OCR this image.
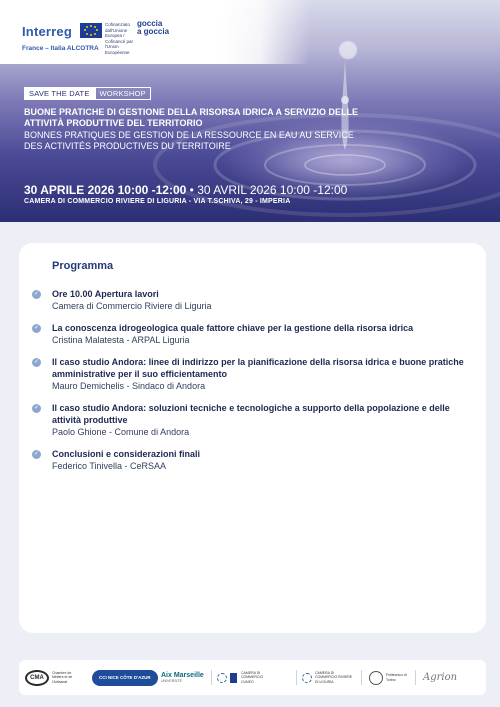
Interreg	Cofinanziato dall'Unione Europea / Cofinancé par l'Union Européenne
goccia
a goccia
France – Italia ALCOTRA
SAVE THE DATE	WORKSHOP
BUONE PRATICHE DI GESTIONE DELLA RISORSA IDRICA A SERVIZIO DELLE ATTIVITÀ PRODUTTIVE DEL TERRITORIO
BONNES PRATIQUES DE GESTION DE LA RESSOURCE EN EAU AU SERVICE DES ACTIVITÉS PRODUCTIVES DU TERRITOIRE
30 APRILE 2026 10:00 -12:00 • 30 AVRIL 2026 10:00 -12:00
CAMERA DI COMMERCIO RIVIERE DI LIGURIA - VIA T.SCHIVA, 29 - IMPERIA
Programma
✓ Ore 10.00 Apertura lavori
Camera di Commercio Riviere di Liguria
✓ La conoscenza idrogeologica quale fattore chiave per la gestione della risorsa idrica
Cristina Malatesta - ARPAL Liguria
✓ Il caso studio Andora: linee di indirizzo per la pianificazione della risorsa idrica e buone pratiche amministrative per il suo efficientamento
Mauro Demichelis - Sindaco di Andora
✓ Il caso studio Andora: soluzioni tecniche e tecnologiche a supporto della popolazione e delle attività produttive
Paolo Ghione - Comune di Andora
✓ Conclusioni e considerazioni finali
Federico Tinivella - CeRSAA
CMA
Chambre de Métiers et de l'Artisanat
CCI NICE CÔTE D'AZUR	Aix Marseille
UNIVERSITÉ
CAMERA DI COMMERCIO CUNEO
CAMERA DI COMMERCIO RIVIERE DI LIGURIA
Politecnico di Torino	Agrion
